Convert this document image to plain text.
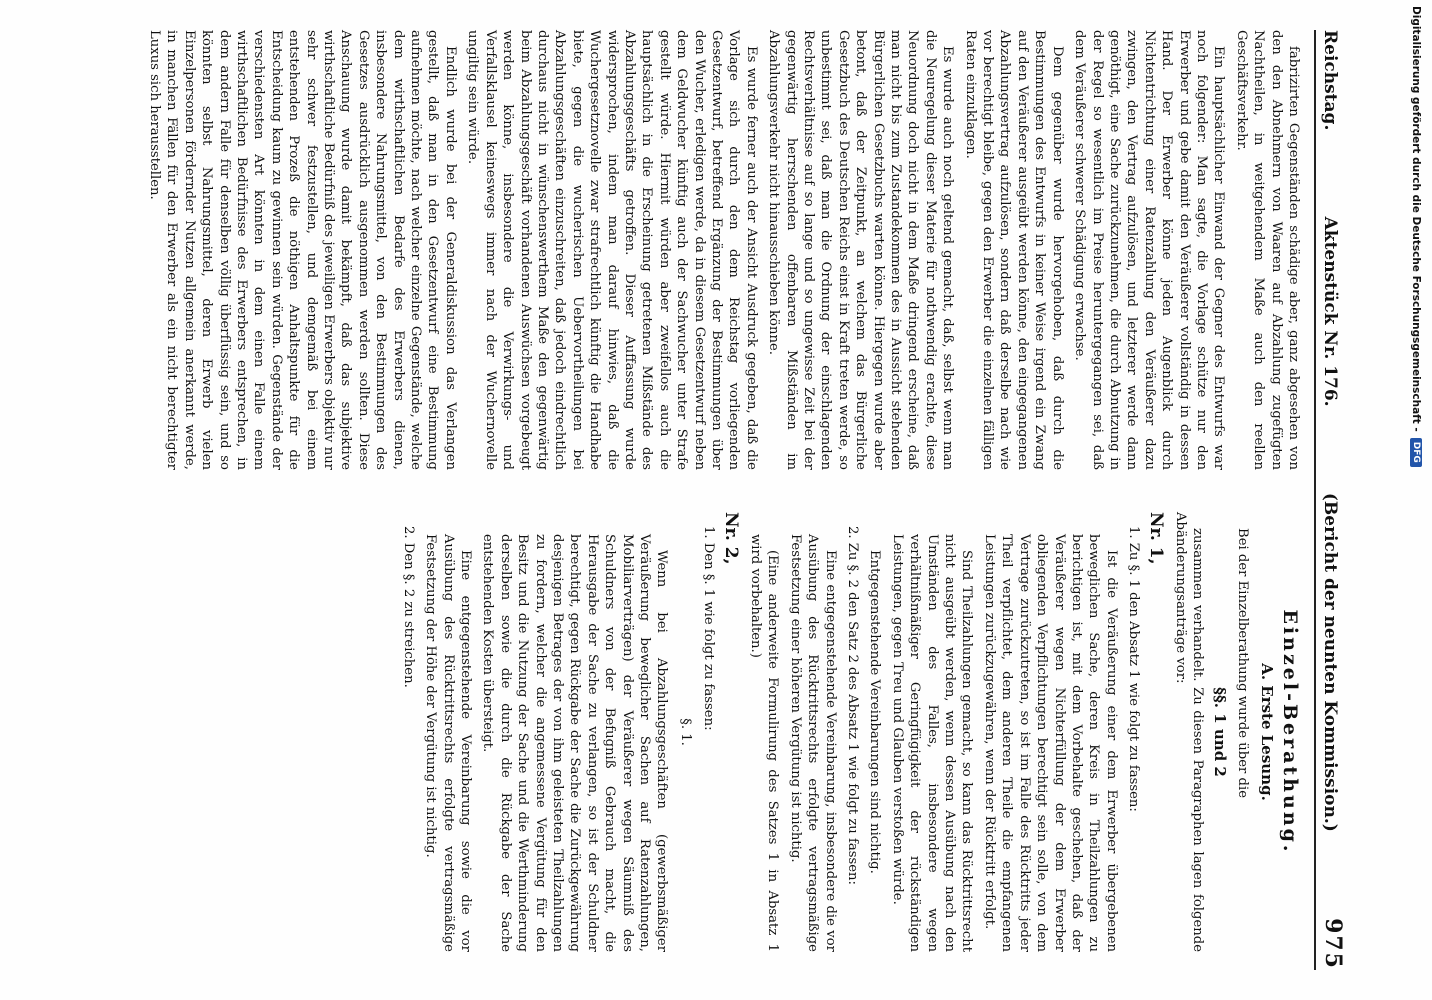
Reichstag.
Aktenstück Nr. 176.
(Bericht der neunten Kommission.)
975

fabrizirten Gegenständen schädige aber, ganz abgesehen von den den Abnehmern von Waaren auf Abzahlung zugefügten Nachtheilen, in weitgehendem Maße auch den reellen Geschäftsverkehr.

Ein hauptsächlicher Einwand der Gegner des Entwurfs war noch folgender: Man sagte, die Vorlage schütze nur den Erwerber und gebe damit den Veräußerer vollständig in dessen Hand. Der Erwerber könne jeden Augenblick durch Nichtentrichtung einer Ratenzahlung den Veräußerer dazu zwingen, den Vertrag aufzulösen, und letzterer werde dann genöthigt, eine Sache zurückzunehmen, die durch Abnutzung in der Regel so wesentlich im Preise heruntergegangen sei, daß dem Veräußerer schwerer Schädigung erwachse.

Dem gegenüber wurde hervorgehoben, daß durch die Bestimmungen des Entwurfs in keiner Weise irgend ein Zwang auf den Veräußerer ausgeübt werden könne, den eingegangenen Abzahlungsvertrag aufzulösen, sondern daß derselbe nach wie vor berechtigt bleibe, gegen den Erwerber die einzelnen fälligen Raten einzuklagen.

Es wurde auch noch geltend gemacht, daß, selbst wenn man die Neuregelung dieser Materie für nothwendig erachte, diese Neuordnung doch nicht in dem Maße dringend erscheine, daß man nicht bis zum Zustandekommen des in Aussicht stehenden Bürgerlichen Gesetzbuchs warten könne. Hiergegen wurde aber betont, daß der Zeitpunkt, an welchem das Bürgerliche Gesetzbuch des Deutschen Reichs einst in Kraft treten werde, so unbestimmt sei, daß man die Ordnung der einschlagenden Rechtsverhältnisse auf so lange und so ungewisse Zeit bei der gegenwärtig herrschenden offenbaren Mißständen im Abzahlungsverkehr nicht hinausschieben könne.

Es wurde ferner auch der Ansicht Ausdruck gegeben, daß die Vorlage sich durch den dem Reichstag vorliegenden Gesetzentwurf, betreffend Ergänzung der Bestimmungen über den Wucher, erledigen werde, da in diesem Gesetzentwurf neben dem Geldwucher künftig auch der Sachwucher unter Strafe gestellt würde. Hiermit würden aber zweifellos auch die hauptsächlich in die Erscheinung getretenen Mißstände des Abzahlungsgeschäfts getroffen. Dieser Auffassung wurde widersprochen, indem man darauf hinwies, daß die Wuchergesetznovelle zwar strafrechtlich künftig die Handhabe biete, gegen die wucherischen Uebervortheilungen bei Abzahlungsgeschäften einzuschreiten, daß jedoch eindrechtlich durchaus nicht in wünschenswerthem Maße den gegenwärtig beim Abzahlungsgeschäft vorhandenen Auswüchsen vorgebeugt werden könne, insbesondere die Verwirkungs- und Verfallsklausel keineswegs immer nach der Wuchernovelle ungiltig sein würde.

Endlich wurde bei der Generaldiskussion das Verlangen gestellt, daß man in den Gesetzentwurf eine Bestimmung aufnehmen möchte, nach welcher einzelne Gegenstände, welche dem wirthschaftlichen Bedarfe des Erwerbers dienen, insbesondere Nahrungsmittel, von den Bestimmungen des Gesetzes ausdrücklich ausgenommen werden sollten. Diese Anschauung wurde damit bekämpft, daß das subjektive wirthschaftliche Bedürfniß des jeweiligen Erwerbers objektiv nur sehr schwer festzustellen, und demgemäß bei einem entstehenden Prozeß die nöthigen Anhaltspunkte für die Entscheidung kaum zu gewinnen sein würden. Gegenstände der verschiedensten Art könnten in dem einen Falle einem wirthschaftlichen Bedürfnisse des Erwerbers entsprechen, in dem andern Falle für denselben völlig überflüssig sein, und so könnten selbst Nahrungsmittel, deren Erwerb vielen Einzelpersonen fördernder Nutzen allgemein anerkannt werde, in manchen Fällen für den Erwerber als ein nicht berechtigter Luxus sich herausstellen.

Einzel-Berathung.
A. Erste Lesung.

Bei der Einzelberathung wurde über die

§§. 1 und 2

zusammen verhandelt. Zu diesen Paragraphen lagen folgende Abänderungsanträge vor:

Nr. 1,

1. Zu §. 1 den Absatz 1 wie folgt zu fassen:

Ist die Veräußerung einer dem Erwerber übergebenen beweglichen Sache, deren Kreis in Theilzahlungen zu berichtigen ist, mit dem Vorbehalte geschehen, daß der Veräußerer wegen Nichterfüllung der dem Erwerber obliegenden Verpflichtungen berechtigt sein solle, von dem Vertrage zurückzutreten, so ist im Falle des Rücktritts jeder Theil verpflichtet, dem anderen Theile die empfangenen Leistungen zurückzugewähren, wenn der Rücktritt erfolgt.

Sind Theilzahlungen gemacht, so kann das Rücktrittsrecht nicht ausgeübt werden, wenn dessen Ausübung nach den Umständen des Falles, insbesondere wegen verhältnißmäßiger Geringfügigkeit der rückständigen Leistungen, gegen Treu und Glauben verstoßen würde.

Entgegenstehende Vereinbarungen sind nichtig.

2. Zu §. 2 den Satz 2 des Absatz 1 wie folgt zu fassen:

Eine entgegenstehende Vereinbarung, insbesondere die vor Ausübung des Rücktrittsrechts erfolgte vertragsmäßige Festsetzung einer höheren Vergütung ist nichtig.

(Eine anderweite Formulirung des Satzes 1 in Absatz 1 wird vorbehalten.)

Nr. 2,

1. Den §. 1 wie folgt zu fassen:

§. 1.

Wenn bei Abzahlungsgeschäften (gewerbsmäßiger Veräußerung beweglicher Sachen auf Ratenzahlungen, Mobiliarverträgen) der Veräußerer wegen Säumniß des Schuldners von der Befugniß Gebrauch macht, die Herausgabe der Sache zu verlangen, so ist der Schuldner berechtigt, gegen Rückgabe der Sache die Zurückgewährung desjenigen Betrages der von ihm geleisteten Theilzahlungen zu fordern, welcher die angemessene Vergütung für den Besitz und die Nutzung der Sache und die Werthminderung derselben sowie die durch die Rückgabe der Sache entstehenden Kosten übersteigt.

Eine entgegenstehende Vereinbarung sowie die vor Ausübung des Rücktrittsrechts erfolgte vertragsmäßige Festsetzung der Höhe der Vergütung ist nichtig.

2. Den §. 2 zu streichen.

Digitalisierung gefördert durch die Deutsche Forschungsgemeinschaft -
DFG
